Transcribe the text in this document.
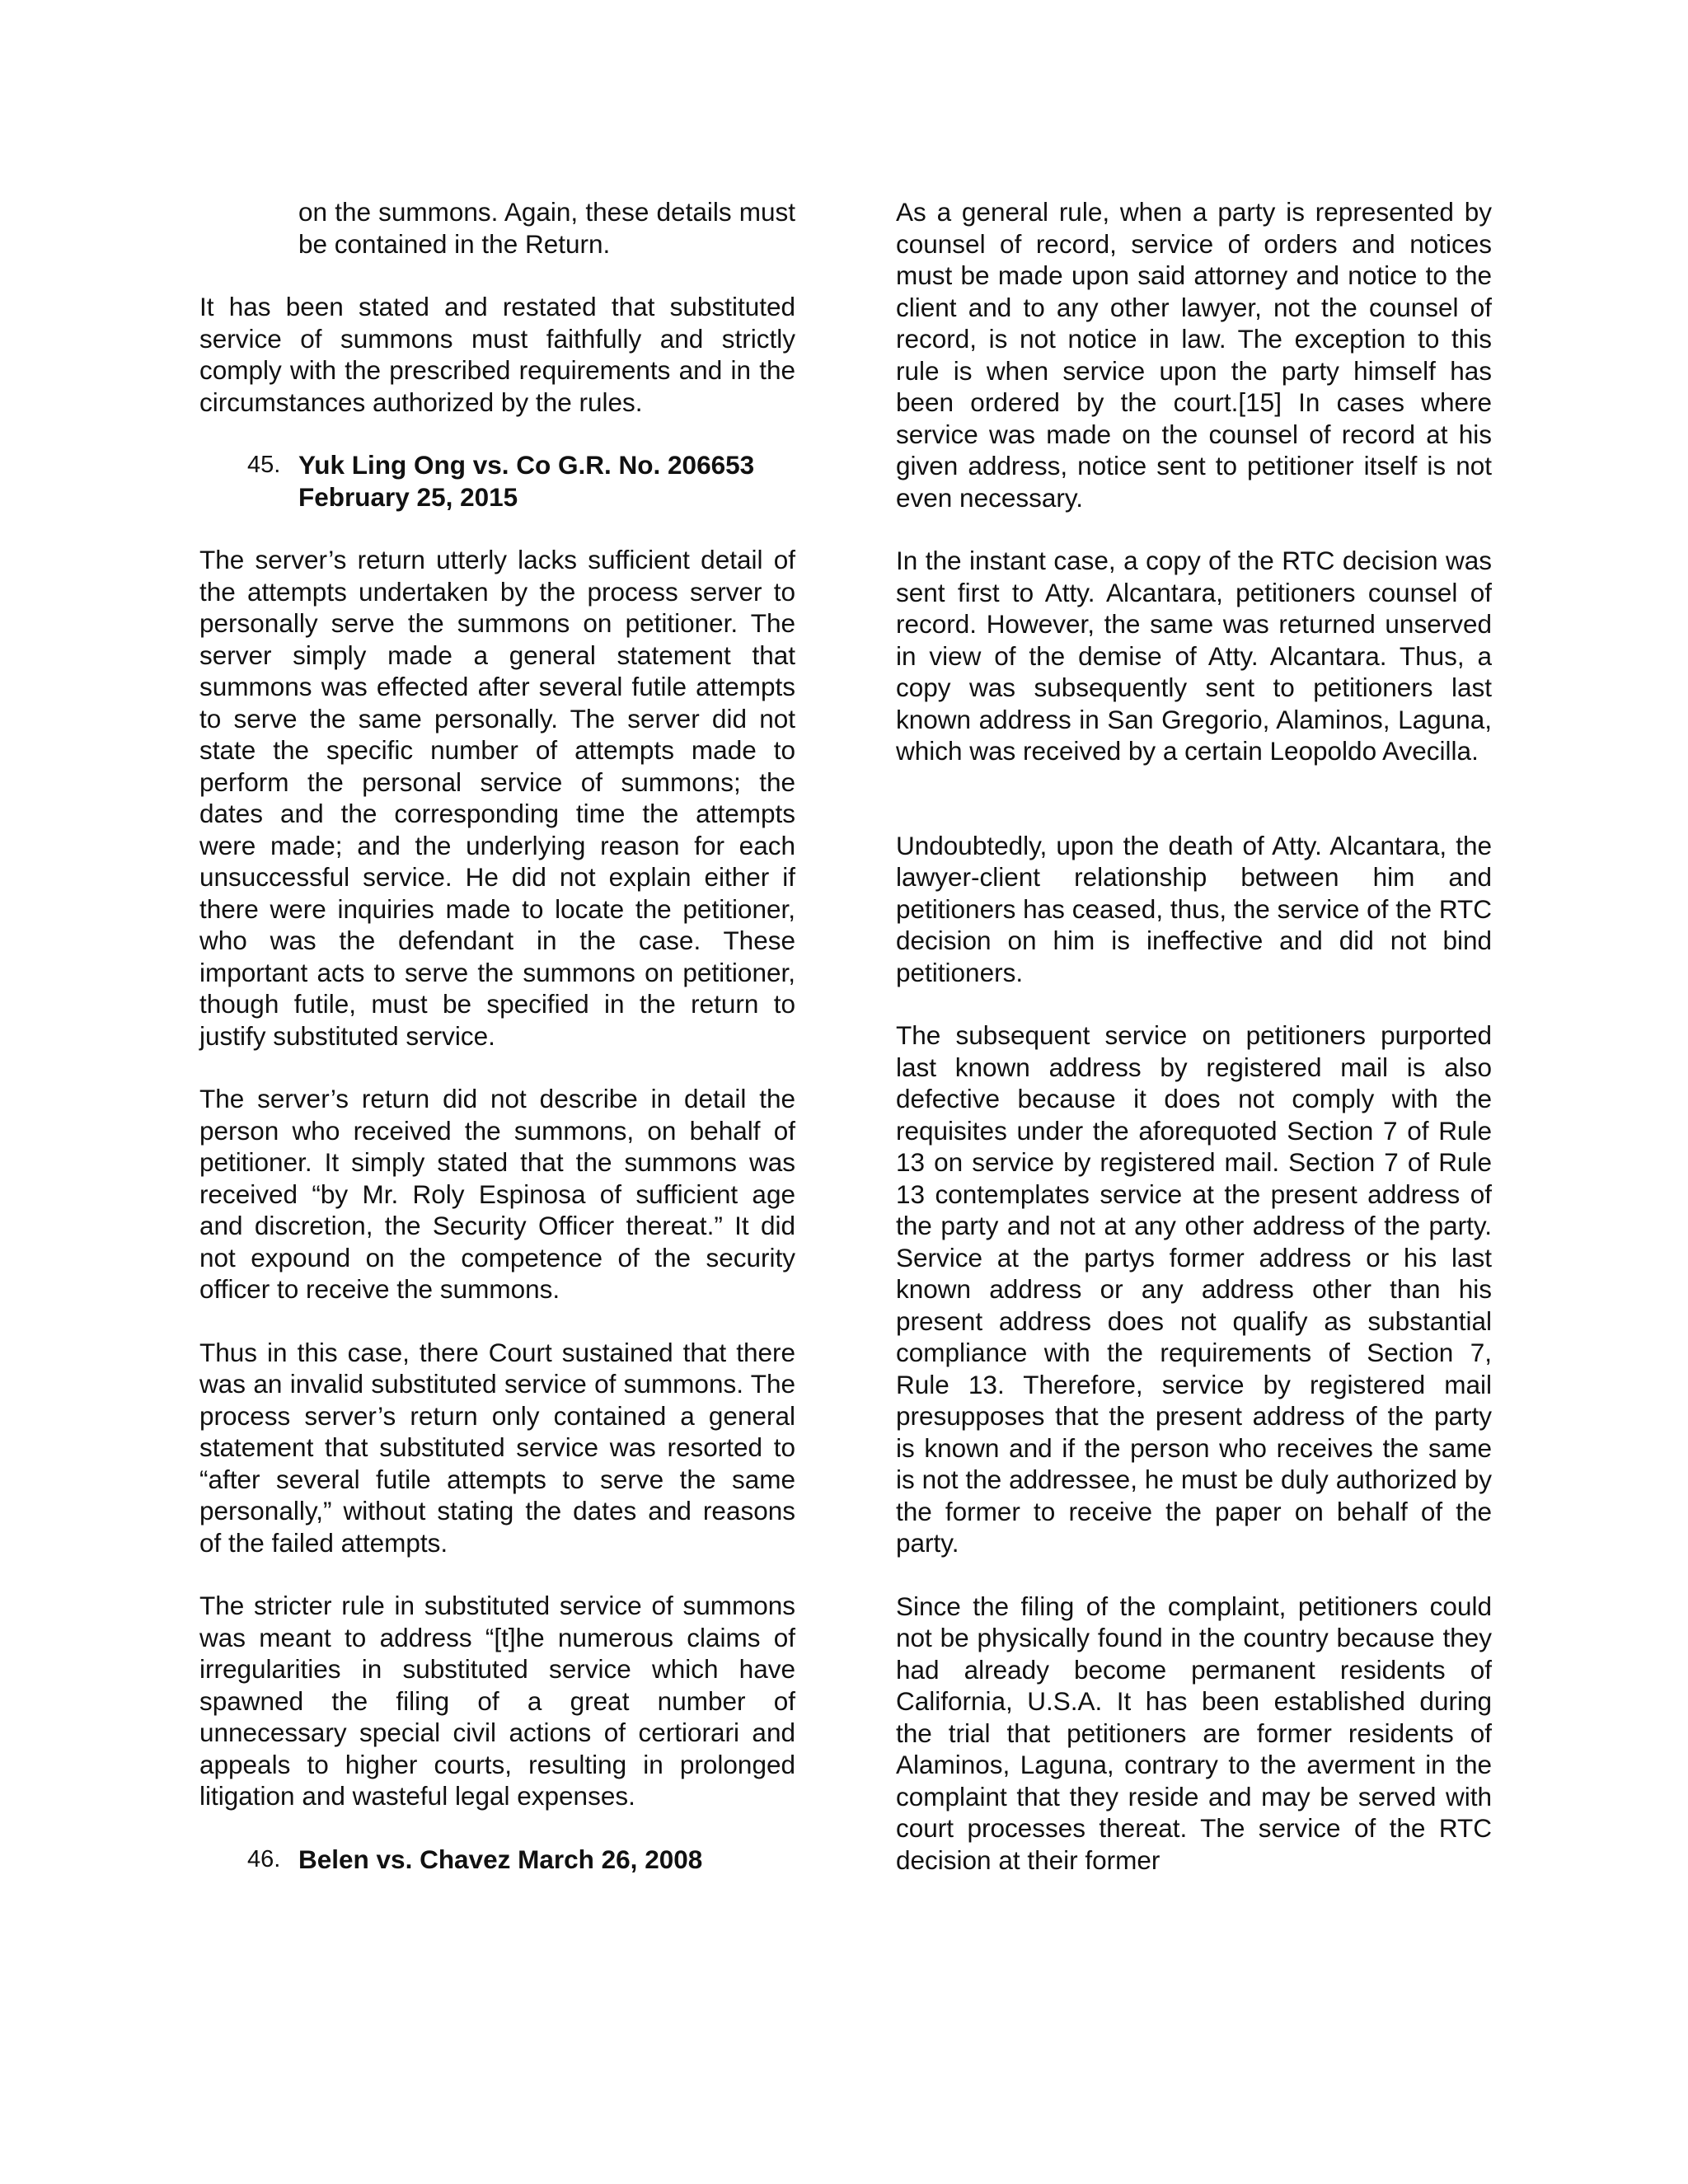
on the summons. Again, these details must be contained in the Return.

It has been stated and restated that substituted service of summons must faithfully and strictly comply with the prescribed requirements and in the circumstances authorized by the rules.

45. Yuk Ling Ong vs. Co G.R. No. 206653 February 25, 2015

The server’s return utterly lacks sufficient detail of the attempts undertaken by the process server to personally serve the summons on petitioner. The server simply made a general statement that summons was effected after several futile attempts to serve the same personally. The server did not state the specific number of attempts made to perform the personal service of summons; the dates and the corresponding time the attempts were made; and the underlying reason for each unsuccessful service. He did not explain either if there were inquiries made to locate the petitioner, who was the defendant in the case. These important acts to serve the summons on petitioner, though futile, must be specified in the return to justify substituted service.

The server’s return did not describe in detail the person who received the summons, on behalf of petitioner. It simply stated that the summons was received “by Mr. Roly Espinosa of sufficient age and discretion, the Security Officer thereat.” It did not expound on the competence of the security officer to receive the summons.

Thus in this case, there Court sustained that there was an invalid substituted service of summons. The process server’s return only contained a general statement that substituted service was resorted to “after several futile attempts to serve the same personally,” without stating the dates and reasons of the failed attempts.

The stricter rule in substituted service of summons was meant to address “[t]he numerous claims of irregularities in substituted service which have spawned the filing of a great number of unnecessary special civil actions of certiorari and appeals to higher courts, resulting in prolonged litigation and wasteful legal expenses.

46. Belen vs. Chavez March 26, 2008

As a general rule, when a party is represented by counsel of record, service of orders and notices must be made upon said attorney and notice to the client and to any other lawyer, not the counsel of record, is not notice in law. The exception to this rule is when service upon the party himself has been ordered by the court.[15] In cases where service was made on the counsel of record at his given address, notice sent to petitioner itself is not even necessary.

In the instant case, a copy of the RTC decision was sent first to Atty. Alcantara, petitioners counsel of record. However, the same was returned unserved in view of the demise of Atty. Alcantara. Thus, a copy was subsequently sent to petitioners last known address in San Gregorio, Alaminos, Laguna, which was received by a certain Leopoldo Avecilla.

Undoubtedly, upon the death of Atty. Alcantara, the lawyer-client relationship between him and petitioners has ceased, thus, the service of the RTC decision on him is ineffective and did not bind petitioners.

The subsequent service on petitioners purported last known address by registered mail is also defective because it does not comply with the requisites under the aforequoted Section 7 of Rule 13 on service by registered mail. Section 7 of Rule 13 contemplates service at the present address of the party and not at any other address of the party. Service at the partys former address or his last known address or any address other than his present address does not qualify as substantial compliance with the requirements of Section 7, Rule 13. Therefore, service by registered mail presupposes that the present address of the party is known and if the person who receives the same is not the addressee, he must be duly authorized by the former to receive the paper on behalf of the party.

Since the filing of the complaint, petitioners could not be physically found in the country because they had already become permanent residents of California, U.S.A. It has been established during the trial that petitioners are former residents of Alaminos, Laguna, contrary to the averment in the complaint that they reside and may be served with court processes thereat. The service of the RTC decision at their former
